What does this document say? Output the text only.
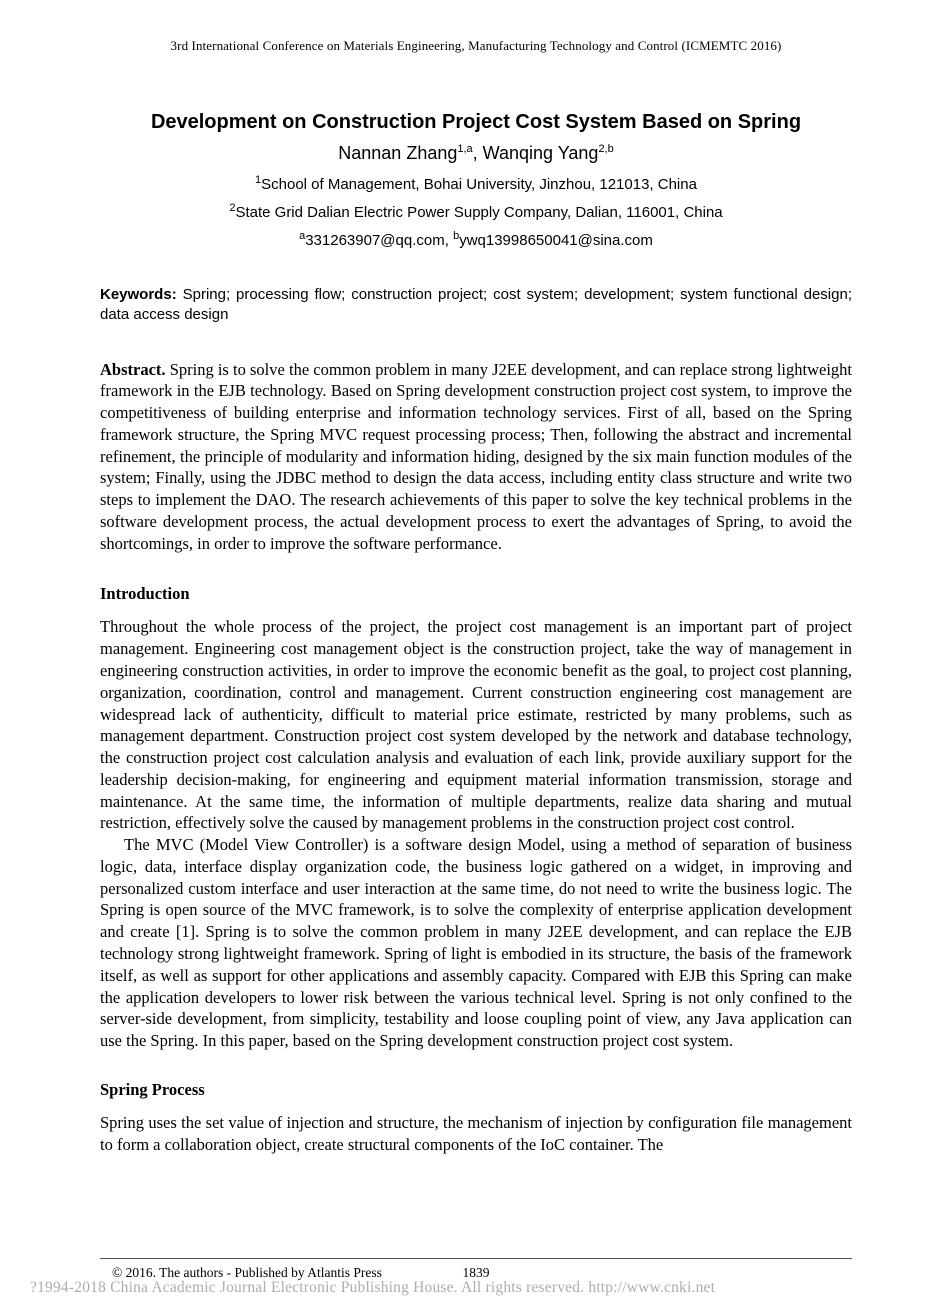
3rd International Conference on Materials Engineering, Manufacturing Technology and Control (ICMEMTC 2016)
Development on Construction Project Cost System Based on Spring
Nannan Zhang$^{1,a}$, Wanqing Yang$^{2,b}$
$^1$School of Management, Bohai University, Jinzhou, 121013, China
$^2$State Grid Dalian Electric Power Supply Company, Dalian, 116001, China
$^a$331263907@qq.com, $^b$ywq13998650041@sina.com

Keywords: Spring; processing flow; construction project; cost system; development; system functional design; data access design

Abstract. Spring is to solve the common problem in many J2EE development, and can replace strong lightweight framework in the EJB technology. Based on Spring development construction project cost system, to improve the competitiveness of building enterprise and information technology services. First of all, based on the Spring framework structure, the Spring MVC request processing process; Then, following the abstract and incremental refinement, the principle of modularity and information hiding, designed by the six main function modules of the system; Finally, using the JDBC method to design the data access, including entity class structure and write two steps to implement the DAO. The research achievements of this paper to solve the key technical problems in the software development process, the actual development process to exert the advantages of Spring, to avoid the shortcomings, in order to improve the software performance.

Introduction

Throughout the whole process of the project, the project cost management is an important part of project management. Engineering cost management object is the construction project, take the way of management in engineering construction activities, in order to improve the economic benefit as the goal, to project cost planning, organization, coordination, control and management. Current construction engineering cost management are widespread lack of authenticity, difficult to material price estimate, restricted by many problems, such as management department. Construction project cost system developed by the network and database technology, the construction project cost calculation analysis and evaluation of each link, provide auxiliary support for the leadership decision-making, for engineering and equipment material information transmission, storage and maintenance. At the same time, the information of multiple departments, realize data sharing and mutual restriction, effectively solve the caused by management problems in the construction project cost control.

The MVC (Model View Controller) is a software design Model, using a method of separation of business logic, data, interface display organization code, the business logic gathered on a widget, in improving and personalized custom interface and user interaction at the same time, do not need to write the business logic. The Spring is open source of the MVC framework, is to solve the complexity of enterprise application development and create [1]. Spring is to solve the common problem in many J2EE development, and can replace the EJB technology strong lightweight framework. Spring of light is embodied in its structure, the basis of the framework itself, as well as support for other applications and assembly capacity. Compared with EJB this Spring can make the application developers to lower risk between the various technical level. Spring is not only confined to the server-side development, from simplicity, testability and loose coupling point of view, any Java application can use the Spring. In this paper, based on the Spring development construction project cost system.

Spring Process

Spring uses the set value of injection and structure, the mechanism of injection by configuration file management to form a collaboration object, create structural components of the IoC container. The

© 2016. The authors - Published by Atlantis Press	1839
?1994-2018 China Academic Journal Electronic Publishing House. All rights reserved. http://www.cnki.net
